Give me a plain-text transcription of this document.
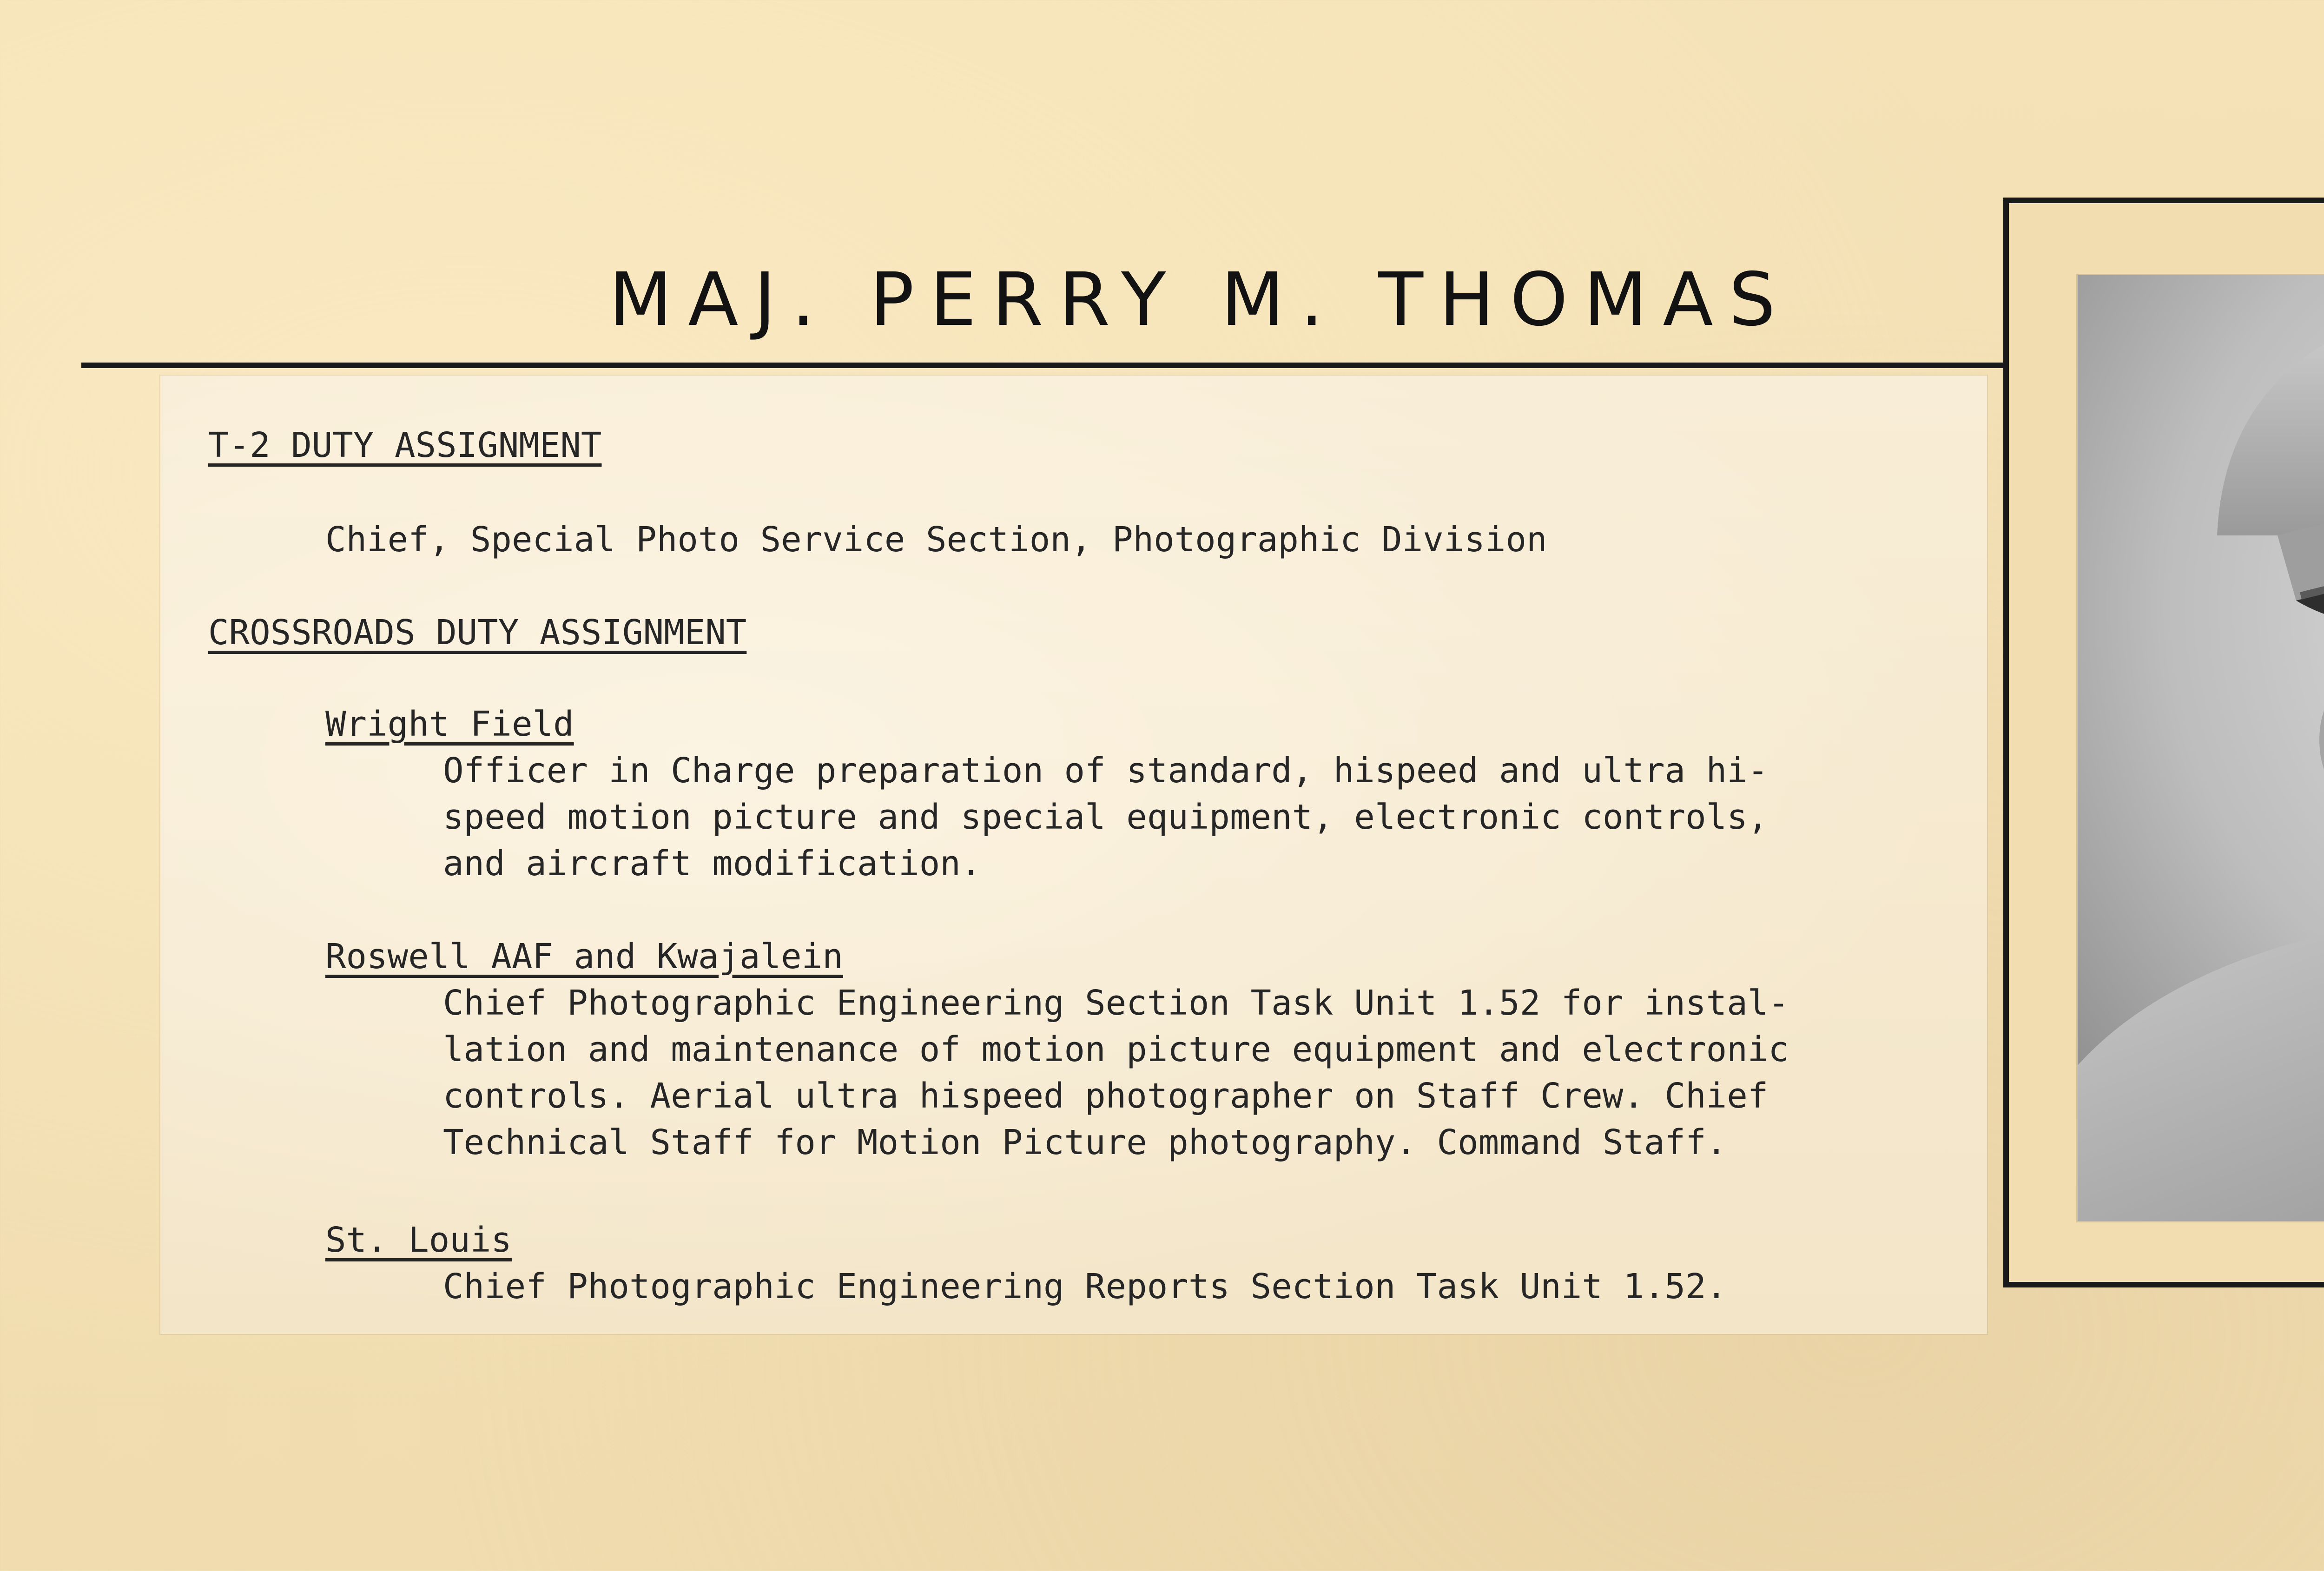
MAJ. PERRY M. THOMAS

T-2 DUTY ASSIGNMENT

Chief, Special Photo Service Section, Photographic Division

CROSSROADS DUTY ASSIGNMENT

Wright Field

Officer in Charge preparation of standard, hispeed and ultra hi-

speed motion picture and special equipment, electronic controls,

and aircraft modification.

Roswell AAF and Kwajalein

Chief Photographic Engineering Section Task Unit 1.52 for instal-

lation and maintenance of motion picture equipment and electronic

controls. Aerial ultra hispeed photographer on Staff Crew. Chief

Technical Staff for Motion Picture photography. Command Staff.

St. Louis

Chief Photographic Engineering Reports Section Task Unit 1.52.
